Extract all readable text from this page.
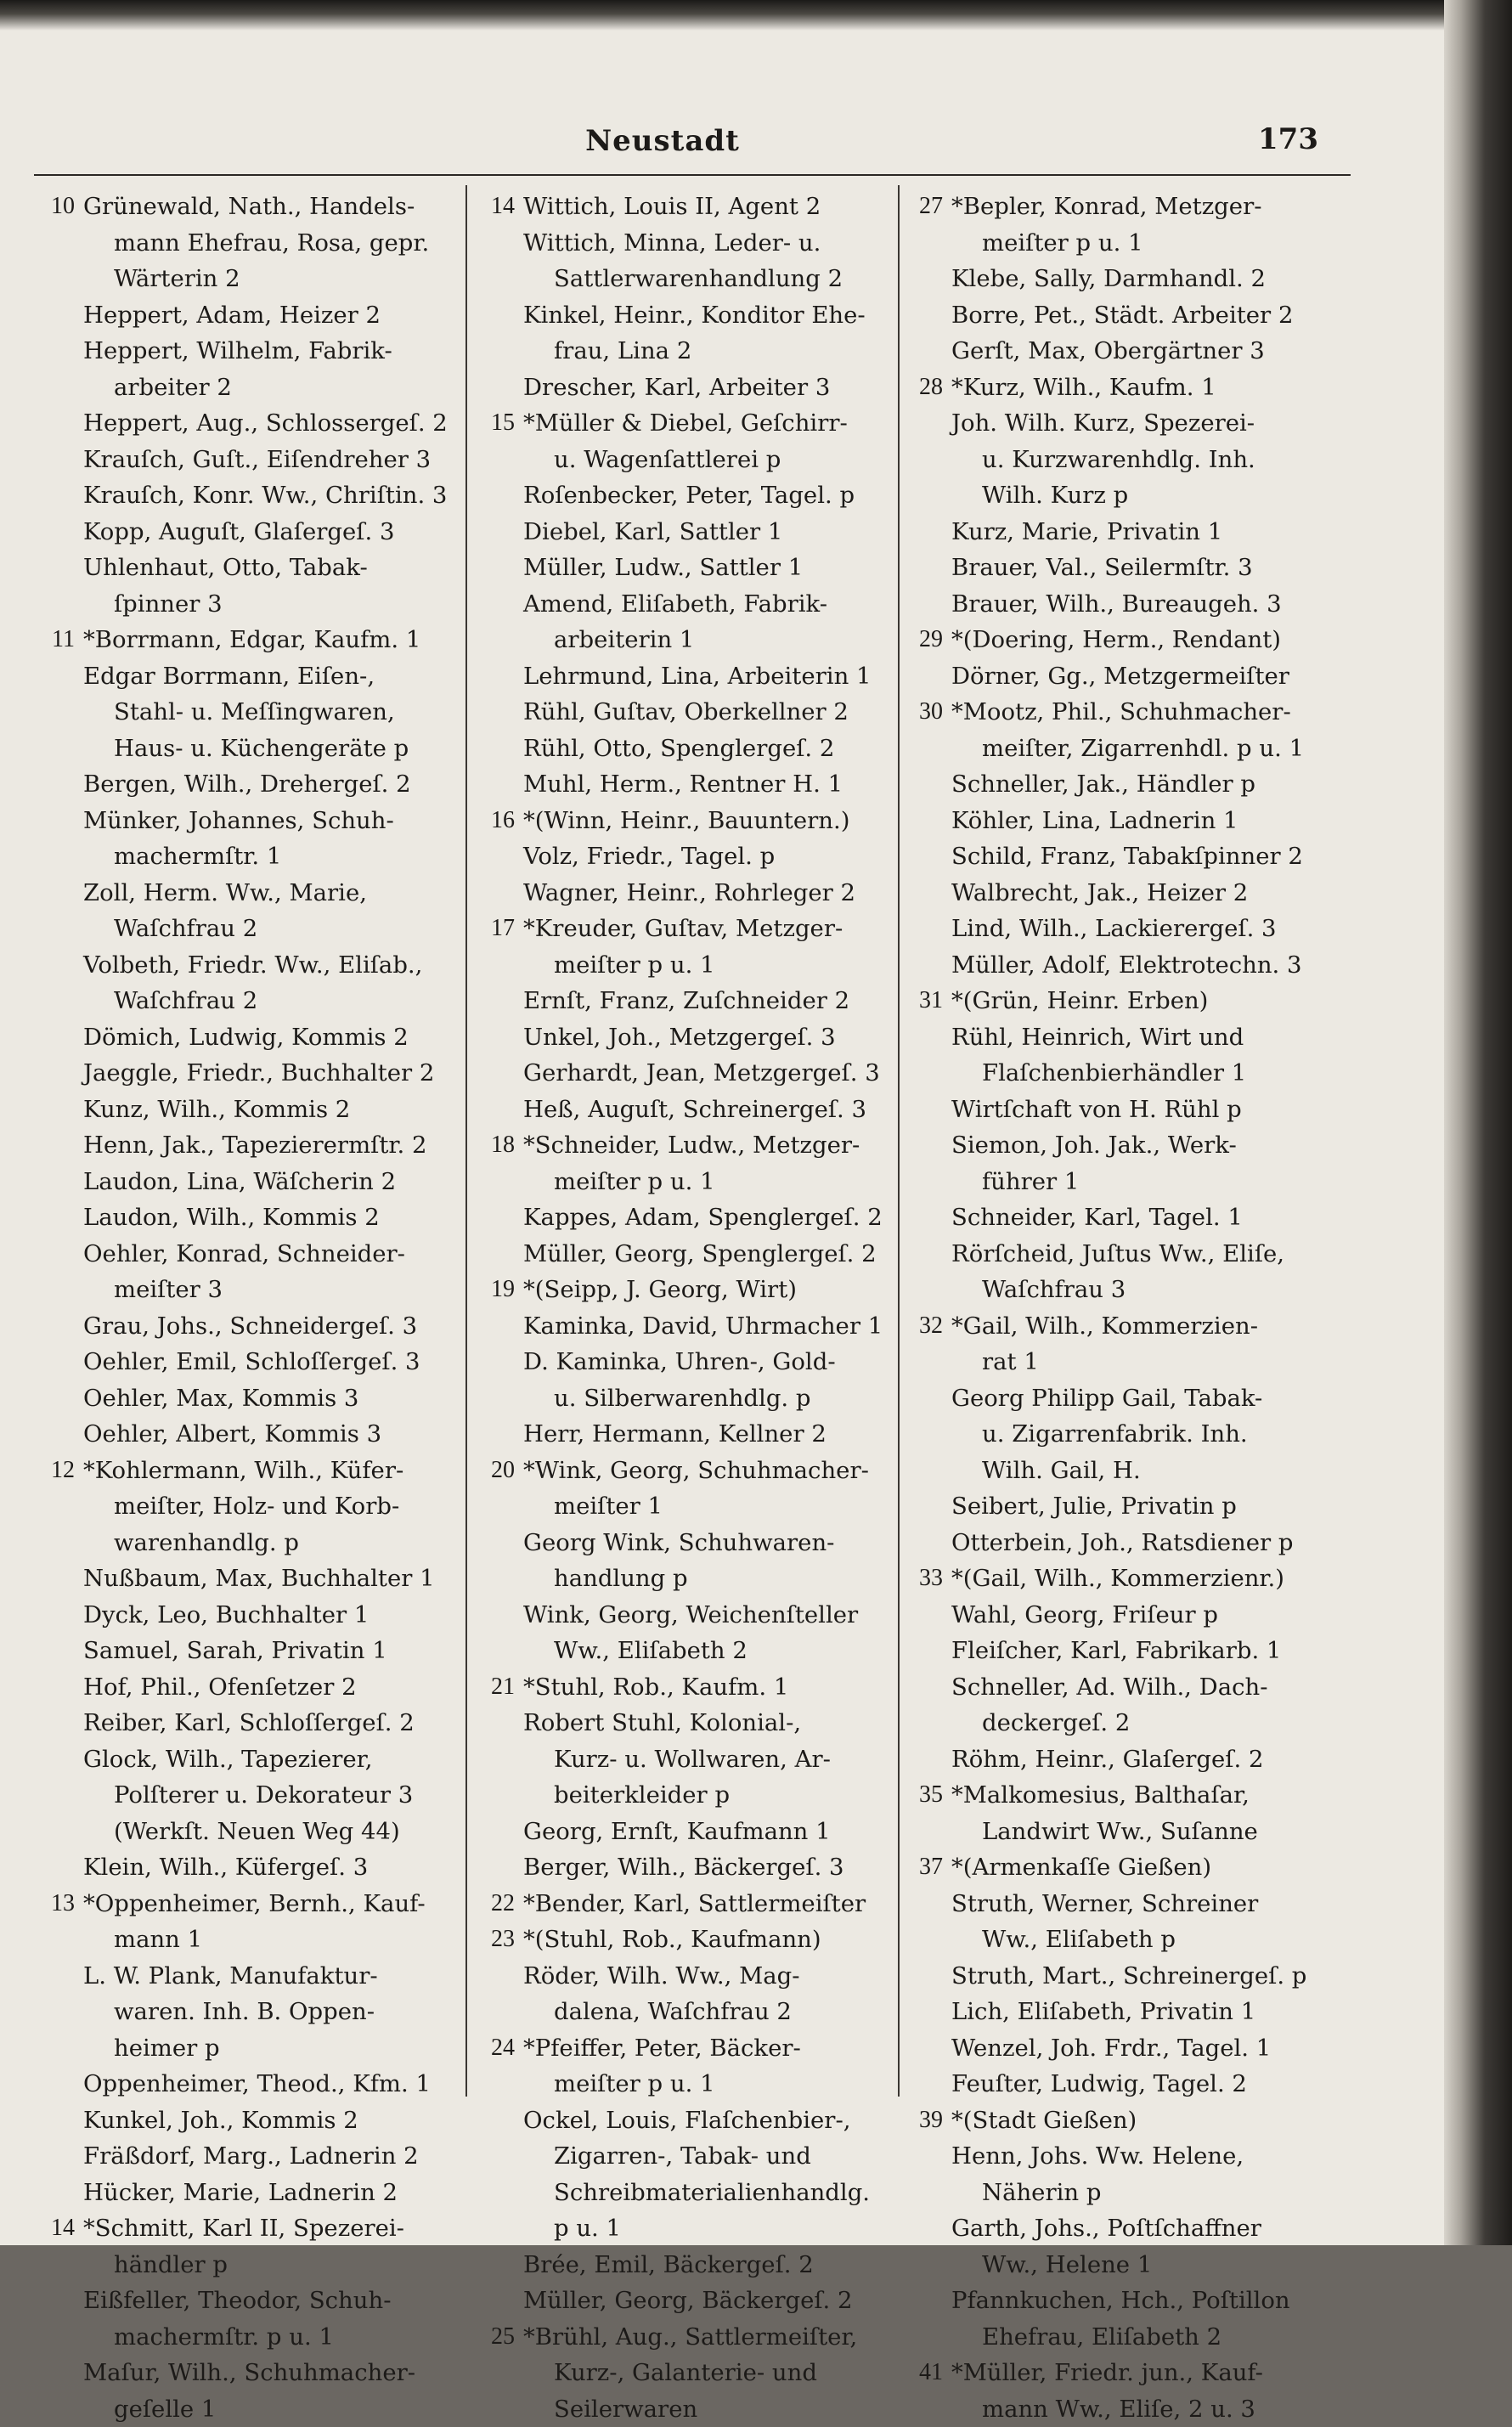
Neustadt	173
10 Grünewald, Nath., Handels-
mann Ehefrau, Rosa, gepr.
Wärterin 2
Heppert, Adam, Heizer 2
Heppert, Wilhelm, Fabrik-
arbeiter 2
Heppert, Aug., Schlossergeſ. 2
Krauſch, Guſt., Eiſendreher 3
Krauſch, Konr. Ww., Chriſtin. 3
Kopp, Auguſt, Glaſergeſ. 3
Uhlenhaut, Otto, Tabak-
ſpinner 3
11 *Borrmann, Edgar, Kaufm. 1
Edgar Borrmann, Eiſen-,
Stahl- u. Meſſingwaren,
Haus- u. Küchengeräte p
Bergen, Wilh., Drehergeſ. 2
Münker, Johannes, Schuh-
machermſtr. 1
Zoll, Herm. Ww., Marie,
Waſchfrau 2
Volbeth, Friedr. Ww., Eliſab.,
Waſchfrau 2
Dömich, Ludwig, Kommis 2
Jaeggle, Friedr., Buchhalter 2
Kunz, Wilh., Kommis 2
Henn, Jak., Tapezierermſtr. 2
Laudon, Lina, Wäſcherin 2
Laudon, Wilh., Kommis 2
Oehler, Konrad, Schneider-
meiſter 3
Grau, Johs., Schneidergeſ. 3
Oehler, Emil, Schloſſergeſ. 3
Oehler, Max, Kommis 3
Oehler, Albert, Kommis 3
12 *Kohlermann, Wilh., Küfer-
meiſter, Holz- und Korb-
warenhandlg. p
Nußbaum, Max, Buchhalter 1
Dyck, Leo, Buchhalter 1
Samuel, Sarah, Privatin 1
Hof, Phil., Ofenſetzer 2
Reiber, Karl, Schloſſergeſ. 2
Glock, Wilh., Tapezierer,
Polſterer u. Dekorateur 3
(Werkſt. Neuen Weg 44)
Klein, Wilh., Küfergeſ. 3
13 *Oppenheimer, Bernh., Kauf-
mann 1
L. W. Plank, Manufaktur-
waren. Inh. B. Oppen-
heimer p
Oppenheimer, Theod., Kfm. 1
Kunkel, Joh., Kommis 2
Fräßdorf, Marg., Ladnerin 2
Hücker, Marie, Ladnerin 2
14 *Schmitt, Karl II, Spezerei-
händler p
Eißfeller, Theodor, Schuh-
machermſtr. p u. 1
Maſur, Wilh., Schuhmacher-
geſelle 1
14 Wittich, Louis II, Agent 2
Wittich, Minna, Leder- u.
Sattlerwarenhandlung 2
Kinkel, Heinr., Konditor Ehe-
frau, Lina 2
Drescher, Karl, Arbeiter 3
15 *Müller & Diebel, Geſchirr-
u. Wagenſattlerei p
Roſenbecker, Peter, Tagel. p
Diebel, Karl, Sattler 1
Müller, Ludw., Sattler 1
Amend, Eliſabeth, Fabrik-
arbeiterin 1
Lehrmund, Lina, Arbeiterin 1
Rühl, Guſtav, Oberkellner 2
Rühl, Otto, Spenglergeſ. 2
Muhl, Herm., Rentner H. 1
16 *(Winn, Heinr., Bauuntern.)
Volz, Friedr., Tagel. p
Wagner, Heinr., Rohrleger 2
17 *Kreuder, Guſtav, Metzger-
meiſter p u. 1
Ernſt, Franz, Zuſchneider 2
Unkel, Joh., Metzgergeſ. 3
Gerhardt, Jean, Metzgergeſ. 3
Heß, Auguſt, Schreinergeſ. 3
18 *Schneider, Ludw., Metzger-
meiſter p u. 1
Kappes, Adam, Spenglergeſ. 2
Müller, Georg, Spenglergeſ. 2
19 *(Seipp, J. Georg, Wirt)
Kaminka, David, Uhrmacher 1
D. Kaminka, Uhren-, Gold-
u. Silberwarenhdlg. p
Herr, Hermann, Kellner 2
20 *Wink, Georg, Schuhmacher-
meiſter 1
Georg Wink, Schuhwaren-
handlung p
Wink, Georg, Weichenſteller
Ww., Eliſabeth 2
21 *Stuhl, Rob., Kaufm. 1
Robert Stuhl, Kolonial-,
Kurz- u. Wollwaren, Ar-
beiterkleider p
Georg, Ernſt, Kaufmann 1
Berger, Wilh., Bäckergeſ. 3
22 *Bender, Karl, Sattlermeiſter
23 *(Stuhl, Rob., Kaufmann)
Röder, Wilh. Ww., Mag-
dalena, Waſchfrau 2
24 *Pfeiffer, Peter, Bäcker-
meiſter p u. 1
Ockel, Louis, Flaſchenbier-,
Zigarren-, Tabak- und
Schreibmaterialienhandlg.
p u. 1
Brée, Emil, Bäckergeſ. 2
Müller, Georg, Bäckergeſ. 2
25 *Brühl, Aug., Sattlermeiſter,
Kurz-, Galanterie- und
Seilerwaren
27 *Bepler, Konrad, Metzger-
meiſter p u. 1
Klebe, Sally, Darmhandl. 2
Borre, Pet., Städt. Arbeiter 2
Gerſt, Max, Obergärtner 3
28 *Kurz, Wilh., Kaufm. 1
Joh. Wilh. Kurz, Spezerei-
u. Kurzwarenhdlg. Inh.
Wilh. Kurz p
Kurz, Marie, Privatin 1
Brauer, Val., Seilermſtr. 3
Brauer, Wilh., Bureaugeh. 3
29 *(Doering, Herm., Rendant)
Dörner, Gg., Metzgermeiſter
30 *Mootz, Phil., Schuhmacher-
meiſter, Zigarrenhdl. p u. 1
Schneller, Jak., Händler p
Köhler, Lina, Ladnerin 1
Schild, Franz, Tabakſpinner 2
Walbrecht, Jak., Heizer 2
Lind, Wilh., Lackierergeſ. 3
Müller, Adolf, Elektrotechn. 3
31 *(Grün, Heinr. Erben)
Rühl, Heinrich, Wirt und
Flaſchenbierhändler 1
Wirtſchaft von H. Rühl p
Siemon, Joh. Jak., Werk-
führer 1
Schneider, Karl, Tagel. 1
Rörſcheid, Juſtus Ww., Eliſe,
Waſchfrau 3
32 *Gail, Wilh., Kommerzien-
rat 1
Georg Philipp Gail, Tabak-
u. Zigarrenfabrik. Inh.
Wilh. Gail, H.
Seibert, Julie, Privatin p
Otterbein, Joh., Ratsdiener p
33 *(Gail, Wilh., Kommerzienr.)
Wahl, Georg, Friſeur p
Fleiſcher, Karl, Fabrikarb. 1
Schneller, Ad. Wilh., Dach-
deckergeſ. 2
Röhm, Heinr., Glaſergeſ. 2
35 *Malkomesius, Balthaſar,
Landwirt Ww., Suſanne
37 *(Armenkaſſe Gießen)
Struth, Werner, Schreiner
Ww., Eliſabeth p
Struth, Mart., Schreinergeſ. p
Lich, Eliſabeth, Privatin 1
Wenzel, Joh. Frdr., Tagel. 1
Feuſter, Ludwig, Tagel. 2
39 *(Stadt Gießen)
Henn, Johs. Ww. Helene,
Näherin p
Garth, Johs., Poſtſchaffner
Ww., Helene 1
Pfannkuchen, Hch., Poſtillon
Ehefrau, Eliſabeth 2
41 *Müller, Friedr. jun., Kauf-
mann Ww., Eliſe, 2 u. 3
